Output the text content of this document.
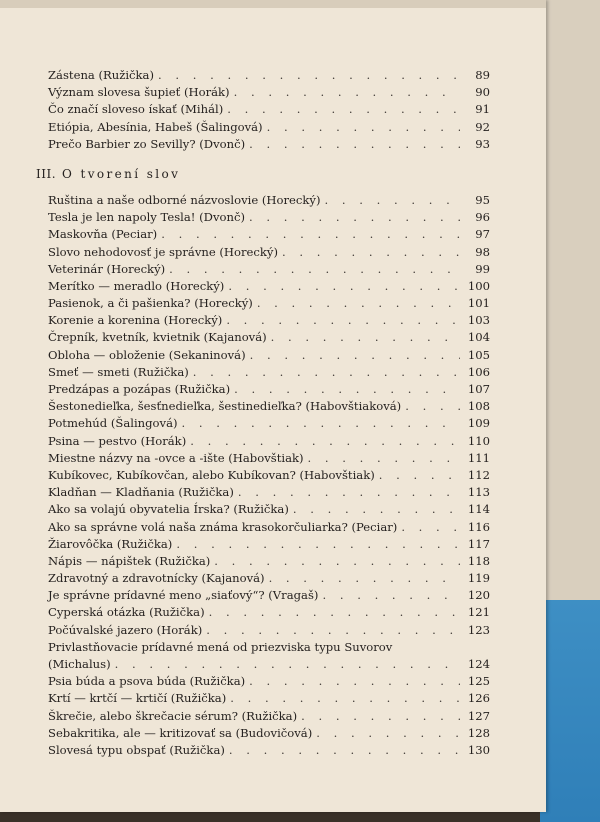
Zástena (Ružička) . . .	89
Význam slovesa šupieť (Horák) . . .	90
Čo značí sloveso ískať (Mihál) . . .	91
Etiópia, Abesínia, Habeš (Šalingová) . . .	92
Prečo Barbier zo Sevilly? (Dvonč) . . .	93
III. O tvorení slov
Ruština a naše odborné názvoslovie (Horecký) . . .	95
Tesla je len napoly Tesla! (Dvonč) . . .	96
Maskovňa (Peciar) . . .	97
Slovo nehodovosť je správne (Horecký) . . .	98
Veterinár (Horecký) . . .	99
Merítko — meradlo (Horecký) . . .	100
Pasienok, a či pašienka? (Horecký) . . .	101
Korenie a korenina (Horecký) . . .	103
Črepník, kvetník, kvietnik (Kajanová) . . .	104
Obloha — obloženie (Sekaninová) . . .	105
Smeť — smeti (Ružička) . . .	106
Predzápas a pozápas (Ružička) . . .	107
Šestonedieľka, šesťnedieľka, šestinedieľka? (Habovštiaková) . . .	108
Potmehúd (Šalingová) . . .	109
Psina — pestvo (Horák) . . .	110
Miestne názvy na -ovce a -ište (Habovštiak) . . .	111
Kubíkovec, Kubíkovčan, alebo Kubíkovan? (Habovštiak) . . .	112
Kladňan — Kladňania (Ružička) . . .	113
Ako sa volajú obyvatelia Írska? (Ružička) . . .	114
Ako sa správne volá naša známa krasokorčuliarka? (Peciar) . . .	116
Žiarovôčka (Ružička) . . .	117
Nápis — nápištek (Ružička) . . .	118
Zdravotný a zdravotnícky (Kajanová) . . .	119
Je správne prídavné meno „siaťový“? (Vragaš) . . .	120
Cyperská otázka (Ružička) . . .	121
Počúvalské jazero (Horák) . . .	123
Privlastňovacie prídavné mená od priezviska typu Suvorov
(Michalus) . . .	124
Psia búda a psova búda (Ružička) . . .	125
Krtí — krtčí — krtičí (Ružička) . . .	126
Škrečie, alebo škrečacie sérum? (Ružička) . . .	127
Sebakritika, ale — kritizovať sa (Budovičová) . . .	128
Slovesá typu obspať (Ružička) . . .	130
